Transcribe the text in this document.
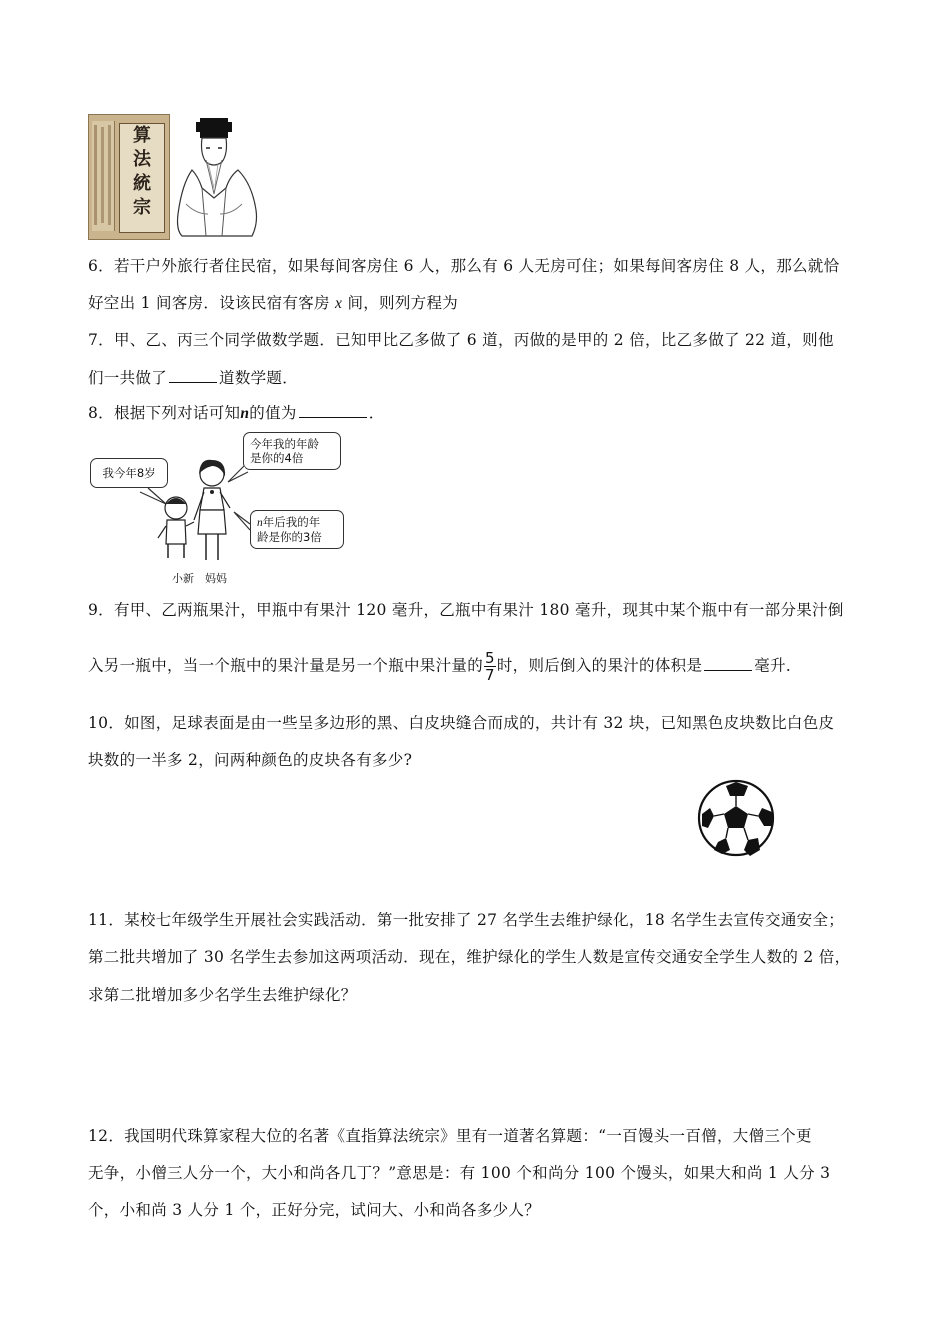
算
法
統
宗
6．若干户外旅行者住民宿，如果每间客房住 6 人，那么有 6 人无房可住；如果每间客房住 8 人，那么就恰
好空出 1 间客房．设该民宿有客房 x 间，则列方程为
7．甲、乙、丙三个同学做数学题．已知甲比乙多做了 6 道，丙做的是甲的 2 倍，比乙多做了 22 道，则他
们一共做了	道数学题．
8．根据下列对话可知n的值为	．
我今年8岁
今年我的年龄
是你的4倍
n年后我的年
龄是你的3倍
小新 妈妈
9．有甲、乙两瓶果汁，甲瓶中有果汁 120 毫升，乙瓶中有果汁 180 毫升，现其中某个瓶中有一部分果汁倒
入另一瓶中，当一个瓶中的果汁量是另一个瓶中果汁量的 $\frac{5}{7}$ 时，则后倒入的果汁的体积是	毫升．
10．如图，足球表面是由一些呈多边形的黑、白皮块缝合而成的，共计有 32 块，已知黑色皮块数比白色皮
块数的一半多 2，问两种颜色的皮块各有多少?
11．某校七年级学生开展社会实践活动．第一批安排了 27 名学生去维护绿化，18 名学生去宣传交通安全；
第二批共增加了 30 名学生去参加这两项活动．现在，维护绿化的学生人数是宣传交通安全学生人数的 2 倍，
求第二批增加多少名学生去维护绿化？
12．我国明代珠算家程大位的名著《直指算法统宗》里有一道著名算题：“一百馒头一百僧，大僧三个更
无争，小僧三人分一个，大小和尚各几丁？”意思是：有 100 个和尚分 100 个馒头，如果大和尚 1 人分 3
个，小和尚 3 人分 1 个，正好分完，试问大、小和尚各多少人？
